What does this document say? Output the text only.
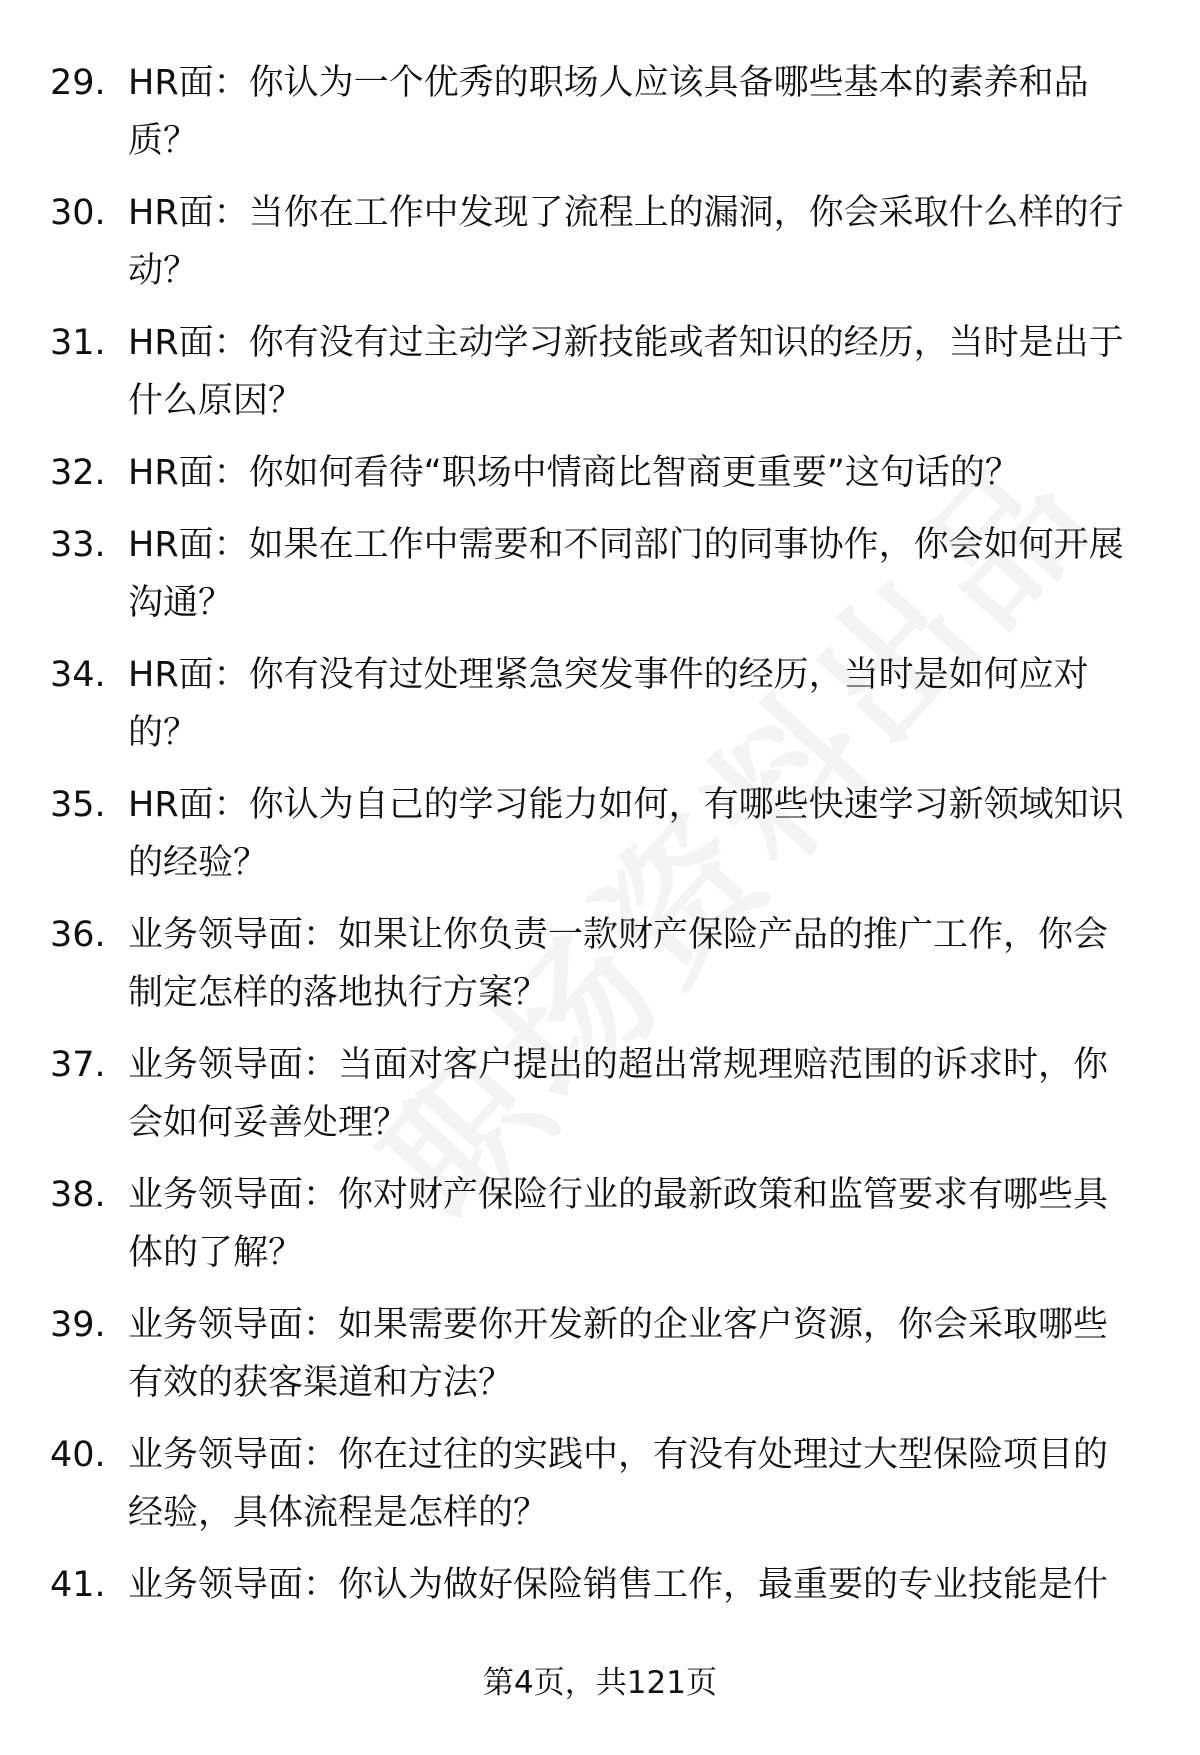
29. HR面：你认为一个优秀的职场人应该具备哪些基本的素养和品
质？
30. HR面：当你在工作中发现了流程上的漏洞，你会采取什么样的行
动？
31. HR面：你有没有过主动学习新技能或者知识的经历，当时是出于
什么原因？
32. HR面：你如何看待“职场中情商比智商更重要”这句话的？
33. HR面：如果在工作中需要和不同部门的同事协作，你会如何开展
沟通？
34. HR面：你有没有过处理紧急突发事件的经历，当时是如何应对
的？
35. HR面：你认为自己的学习能力如何，有哪些快速学习新领域知识
的经验？
36. 业务领导面：如果让你负责一款财产保险产品的推广工作，你会
制定怎样的落地执行方案？
37. 业务领导面：当面对客户提出的超出常规理赔范围的诉求时，你
会如何妥善处理？
38. 业务领导面：你对财产保险行业的最新政策和监管要求有哪些具
体的了解？
39. 业务领导面：如果需要你开发新的企业客户资源，你会采取哪些
有效的获客渠道和方法？
40. 业务领导面：你在过往的实践中，有没有处理过大型保险项目的
经验，具体流程是怎样的？
41. 业务领导面：你认为做好保险销售工作，最重要的专业技能是什
第4页，共121页
